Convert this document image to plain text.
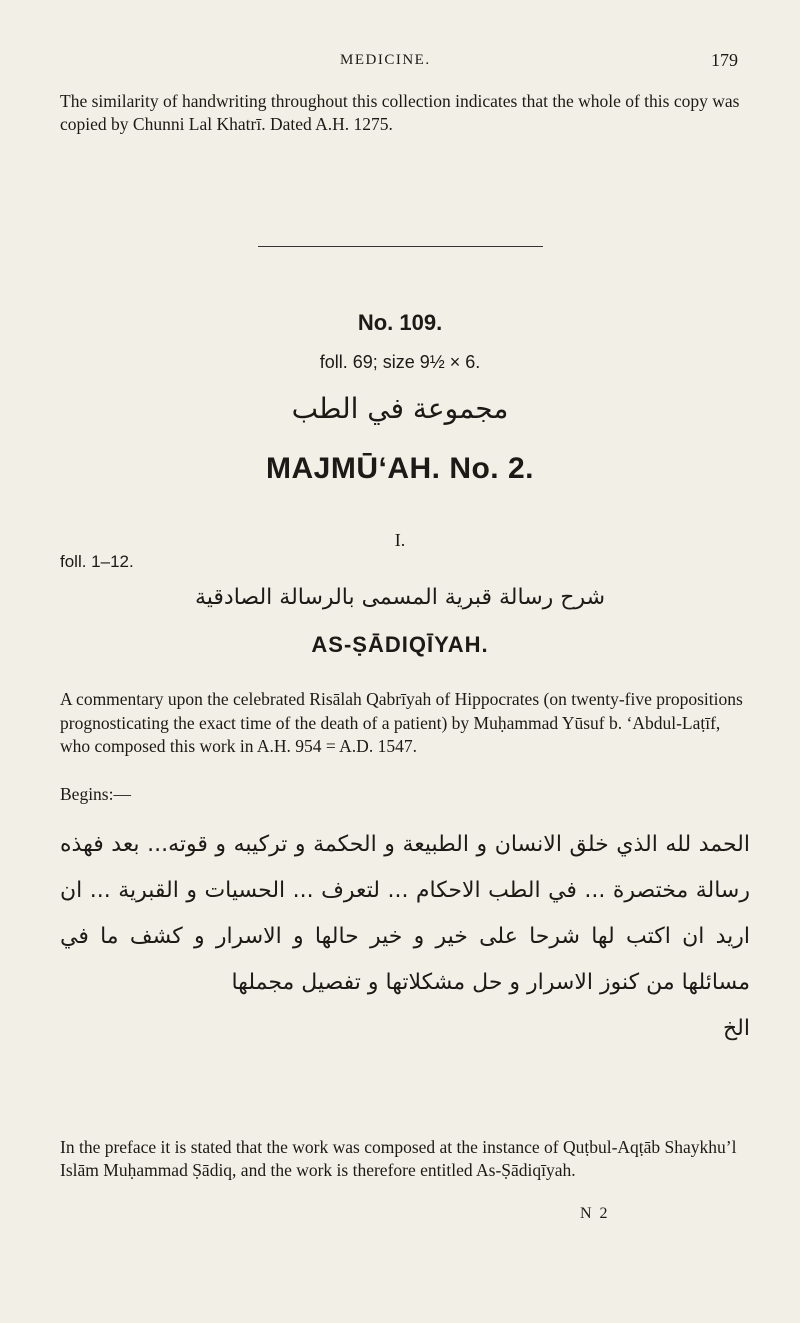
MEDICINE.	179

The similarity of handwriting throughout this collection indicates that the whole of this copy was copied by Chunni Lal Khatrī. Dated A.H. 1275.

No. 109.
foll. 69; size 9½ × 6.
مجموعة في الطب
MAJMŪ‘AH. No. 2.
I.
foll. 1–12.
شرح رسالة قبرية المسمى بالرسالة الصادقية
AS-ṢĀDIQĪYAH.

A commentary upon the celebrated Risālah Qabrīyah of Hippocrates (on twenty-five propositions prognosticating the exact time of the death of a patient) by Muḥammad Yūsuf b. ‘Abdul-Laṭīf, who composed this work in A.H. 954 = A.D. 1547.

Begins:—
الحمد لله الذي خلق الانسان و الطبيعة و الحكمة و تركيبه و قوته... بعد فهذه رسالة مختصرة ... في الطب الاحكام ... لتعرف ... الحسيات و القبرية ... ان اريد ان اكتب لها شرحا على خير و خير حالها و الاسرار و كشف ما في مسائلها من كنوز الاسرار و حل مشكلاتها و تفصيل مجملها
الخ

In the preface it is stated that the work was composed at the instance of Quṭbul-Aqṭāb Shaykhu’l Islām Muḥammad Ṣādiq, and the work is therefore entitled As-Ṣādiqīyah.

N 2
